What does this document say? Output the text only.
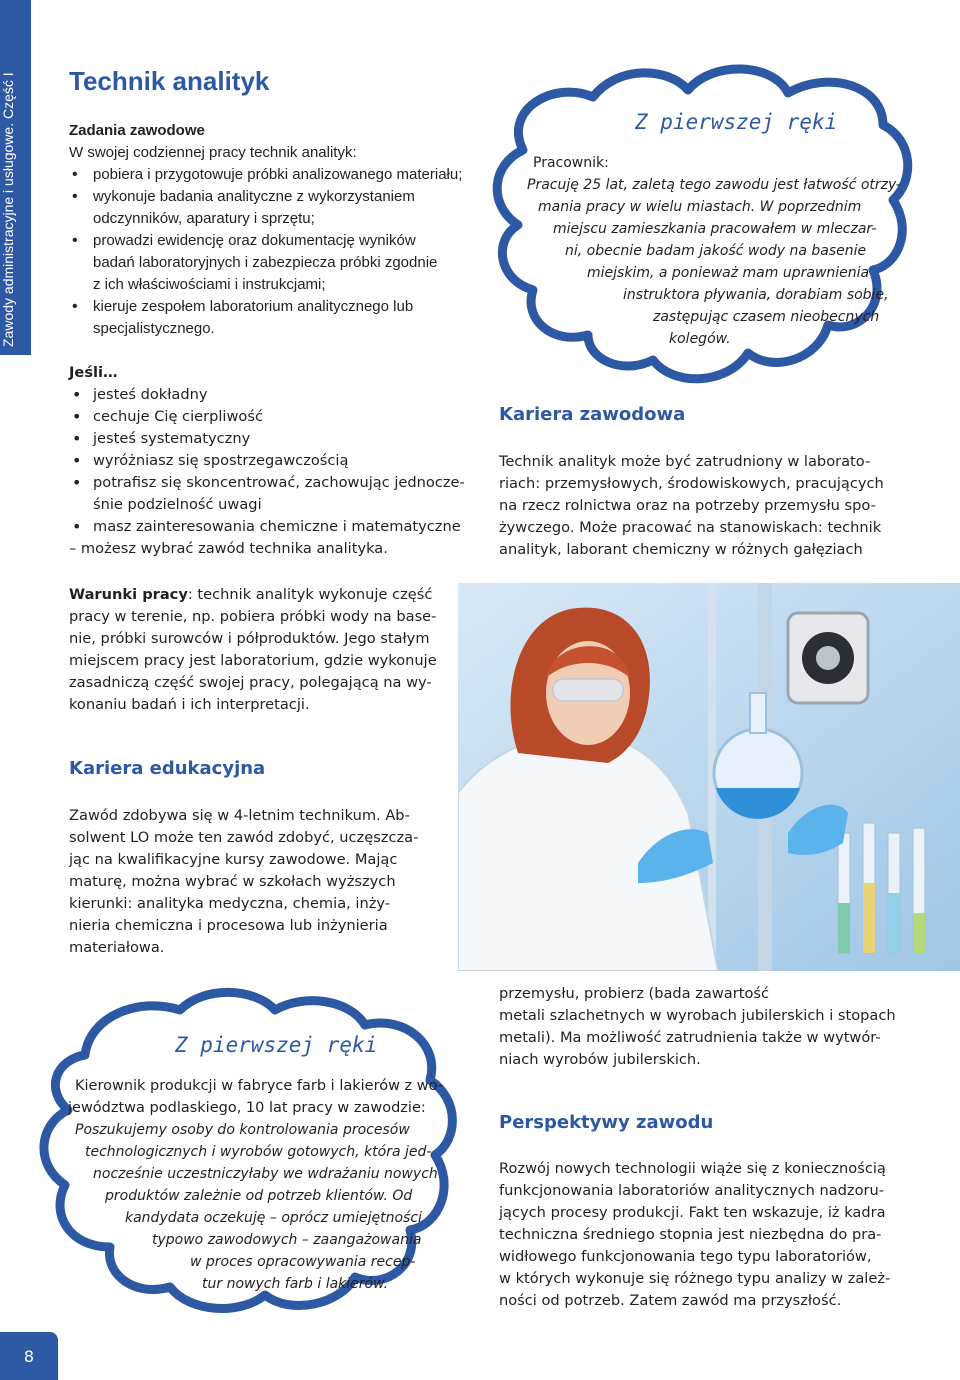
Zawody administracyjne i usługowe. Część I Technik analityk

Zadania zawodowe

W swojej codziennej pracy technik analityk:

• pobiera i przygotowuje próbki analizowanego materiału;
• wykonuje badania analityczne z wykorzystaniem
odczynników, aparatury i sprzętu;
• prowadzi ewidencję oraz dokumentację wyników
badań laboratoryjnych i zabezpiecza próbki zgodnie
z ich właściwościami i instrukcjami;
• kieruje zespołem laboratorium analitycznego lub
specjalistycznego.

Jeśli…

• jesteś dokładny
• cechuje Cię cierpliwość
• jesteś systematyczny
• wyróżniasz się spostrzegawczością
• potrafisz się skoncentrować, zachowując jednocze-
śnie podzielność uwagi
• masz zainteresowania chemiczne i matematyczne

– możesz wybrać zawód technika analityka.

Warunki pracy: technik analityk wykonuje część

pracy w terenie, np. pobiera próbki wody na base-

nie, próbki surowców i półproduktów. Jego stałym

miejscem pracy jest laboratorium, gdzie wykonuje

zasadniczą część swojej pracy, polegającą na wy-

konaniu badań i ich interpretacji.

Kariera edukacyjna

Zawód zdobywa się w 4-letnim technikum. Ab-

solwent LO może ten zawód zdobyć, uczęszcza-

jąc na kwalifikacyjne kursy zawodowe. Mając

maturę, można wybrać w szkołach wyższych

kierunki: analityka medyczna, chemia, inży-

nieria chemiczna i procesowa lub inżynieria

materiałowa.

Z pierwszej ręki
Pracownik:
Pracuję 25 lat, zaletą tego zawodu jest łatwość otrzy-
mania pracy w wielu miastach. W poprzednim
miejscu zamieszkania pracowałem w mleczar-
ni, obecnie badam jakość wody na basenie
miejskim, a ponieważ mam uprawnienia
instruktora pływania, dorabiam sobie,
zastępując czasem nieobecnych
kolegów.
Kariera zawodowa

Technik analityk może być zatrudniony w laborato-

riach: przemysłowych, środowiskowych, pracujących

na rzecz rolnictwa oraz na potrzeby przemysłu spo-

żywczego. Może pracować na stanowiskach: technik

analityk, laborant chemiczny w różnych gałęziach

Z pierwszej ręki
Kierownik produkcji w fabryce farb i lakierów z wo-
jewództwa podlaskiego, 10 lat pracy w zawodzie:
Poszukujemy osoby do kontrolowania procesów
technologicznych i wyrobów gotowych, która jed-
nocześnie uczestniczyłaby we wdrażaniu nowych
produktów zależnie od potrzeb klientów. Od
kandydata oczekuję – oprócz umiejętności
typowo zawodowych – zaangażowania
w proces opracowywania recep-
tur nowych farb i lakierów.

przemysłu, probierz (bada zawartość

metali szlachetnych w wyrobach jubilerskich i stopach

metali). Ma możliwość zatrudnienia także w wytwór-

niach wyrobów jubilerskich.

Perspektywy zawodu

Rozwój nowych technologii wiąże się z koniecznością

funkcjonowania laboratoriów analitycznych nadzoru-

jących procesy produkcji. Fakt ten wskazuje, iż kadra

techniczna średniego stopnia jest niezbędna do pra-

widłowego funkcjonowania tego typu laboratoriów,

w których wykonuje się różnego typu analizy w zależ-

ności od potrzeb. Zatem zawód ma przyszłość.

8
